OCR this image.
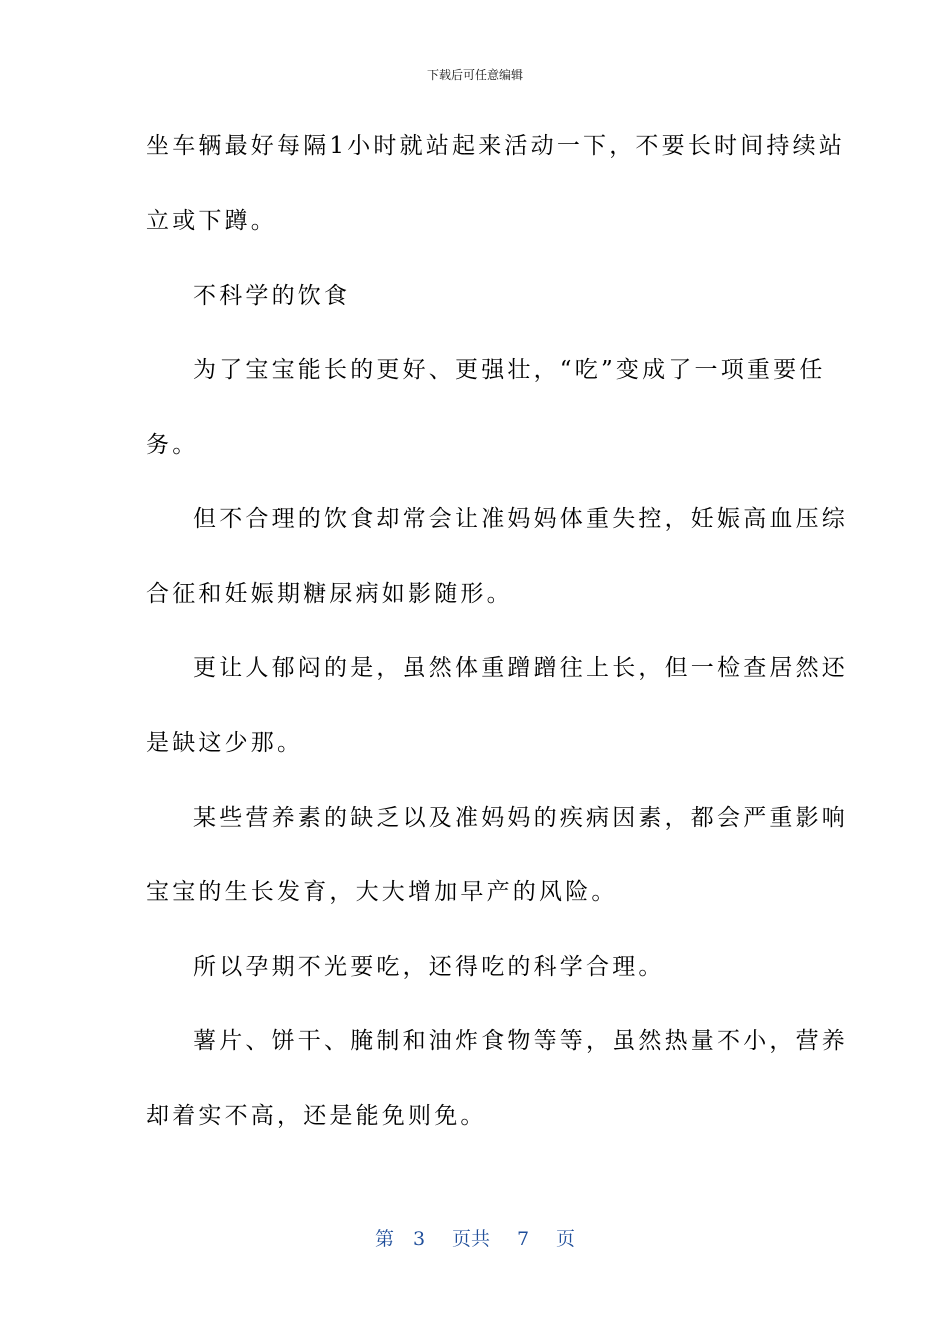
下载后可任意编辑
坐车辆最好每隔1小时就站起来活动一下，不要长时间持续站
立或下蹲。
不科学的饮食
为了宝宝能长的更好、更强壮，“吃”变成了一项重要任
务。
但不合理的饮食却常会让准妈妈体重失控，妊娠高血压综
合征和妊娠期糖尿病如影随形。
更让人郁闷的是，虽然体重蹭蹭往上长，但一检查居然还
是缺这少那。
某些营养素的缺乏以及准妈妈的疾病因素，都会严重影响
宝宝的生长发育，大大增加早产的风险。
所以孕期不光要吃，还得吃的科学合理。
薯片、饼干、腌制和油炸食物等等，虽然热量不小，营养
却着实不高，还是能免则免。
第 3 页共 7 页
